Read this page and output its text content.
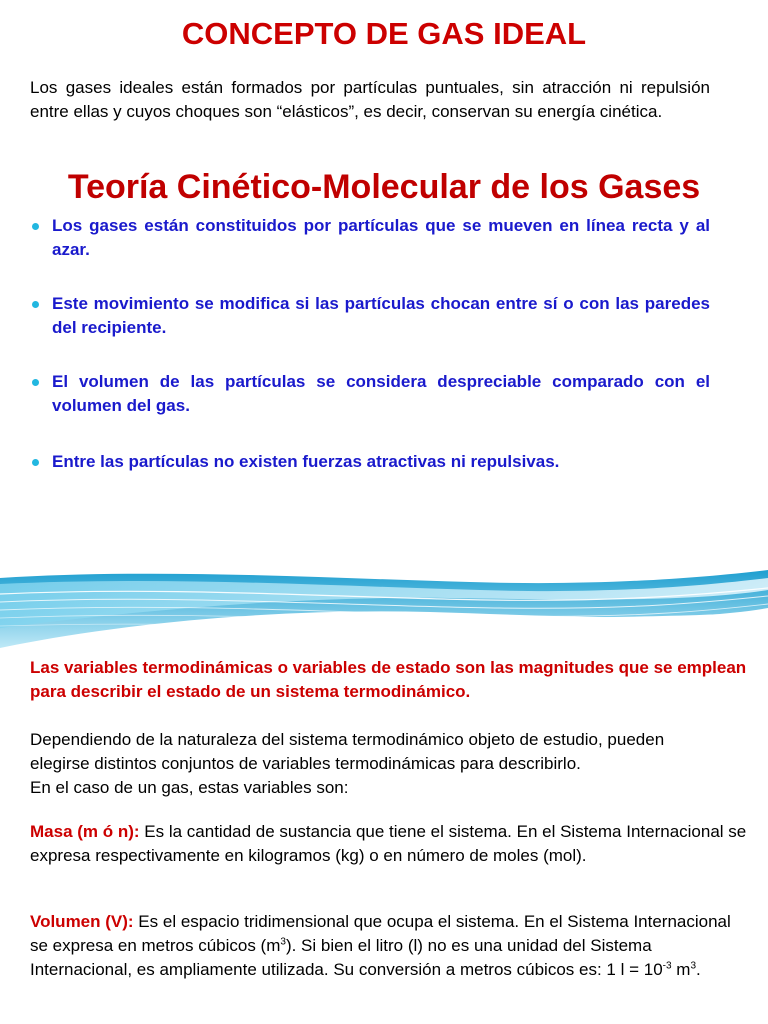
CONCEPTO DE GAS IDEAL

Los gases ideales están formados por partículas puntuales, sin atracción ni repulsión entre ellas y cuyos choques son “elásticos”, es decir, conservan su energía cinética.

Teoría Cinético-Molecular de los Gases
Los gases están constituidos por partículas que se mueven en línea recta y al azar.
Este movimiento se modifica si las partículas chocan entre sí o con las paredes del recipiente.
El volumen de las partículas se considera despreciable comparado con el volumen del gas.
Entre las partículas no existen fuerzas atractivas ni repulsivas.

Las variables termodinámicas o variables de estado son las magnitudes que se emplean para describir el estado de un sistema termodinámico.

Dependiendo de la naturaleza del sistema termodinámico objeto de estudio, pueden
elegirse distintos conjuntos de variables termodinámicas para describirlo.
En el caso de un gas, estas variables son:

Masa (m ó n): Es la cantidad de sustancia que tiene el sistema. En el Sistema Internacional se expresa respectivamente en kilogramos (kg) o en número de moles (mol).

Volumen (V): Es el espacio tridimensional que ocupa el sistema. En el Sistema Internacional se expresa en metros cúbicos $(m^3)$. Si bien el litro (l) no es una unidad del Sistema Internacional, es ampliamente utilizada. Su conversión a metros cúbicos es: 1 $l = 10^{-3}$ $m^3$.
